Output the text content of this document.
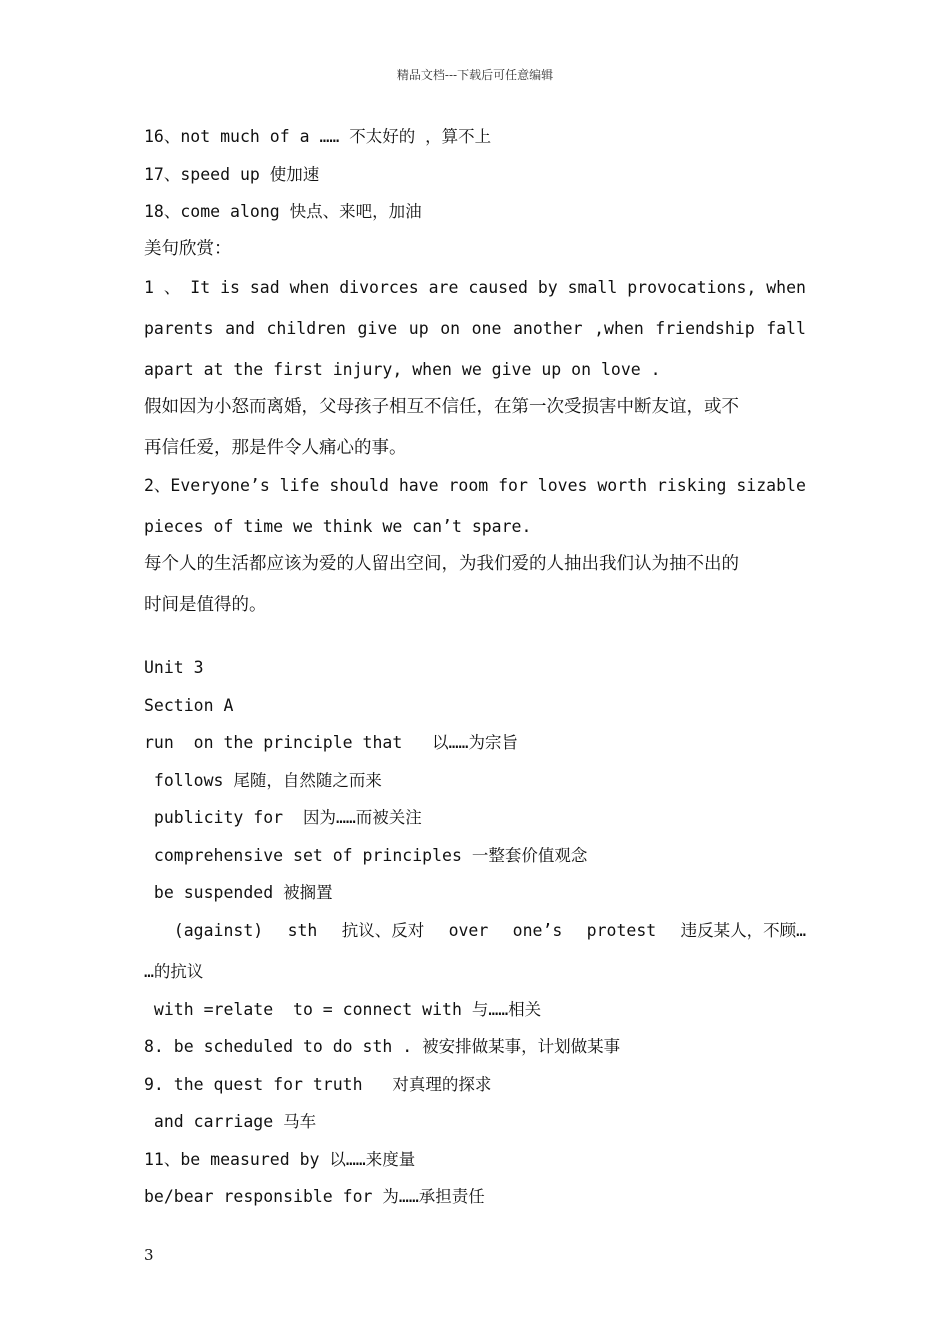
精品文档---下载后可任意编辑
16、not much of a …… 不太好的 ，算不上
17、speed up 使加速
18、come along 快点、来吧，加油
美句欣赏：
1 、 It is sad when divorces are caused by small provocations, when
parents and children give up on one another ,when friendship fall
apart at the first injury, when we give up on love .
假如因为小怒而离婚，父母孩子相互不信任，在第一次受损害中断友谊，或不
再信任爱，那是件令人痛心的事。
2、Everyone’s life should have room for loves worth risking sizable
pieces of time we think we can’t spare.
每个人的生活都应该为爱的人留出空间，为我们爱的人抽出我们认为抽不出的
时间是值得的。
Unit 3
Section A
run  on the principle that   以……为宗旨
follows 尾随，自然随之而来
publicity for  因为……而被关注
comprehensive set of principles 一整套价值观念
be suspended 被搁置
(against) sth 抗议、反对 over one’s protest 违反某人，不顾…
…的抗议
with =relate  to = connect with 与……相关
8. be scheduled to do sth . 被安排做某事，计划做某事
9. the quest for truth   对真理的探求
and carriage 马车
11、be measured by 以……来度量
be/bear responsible for 为……承担责任
3
